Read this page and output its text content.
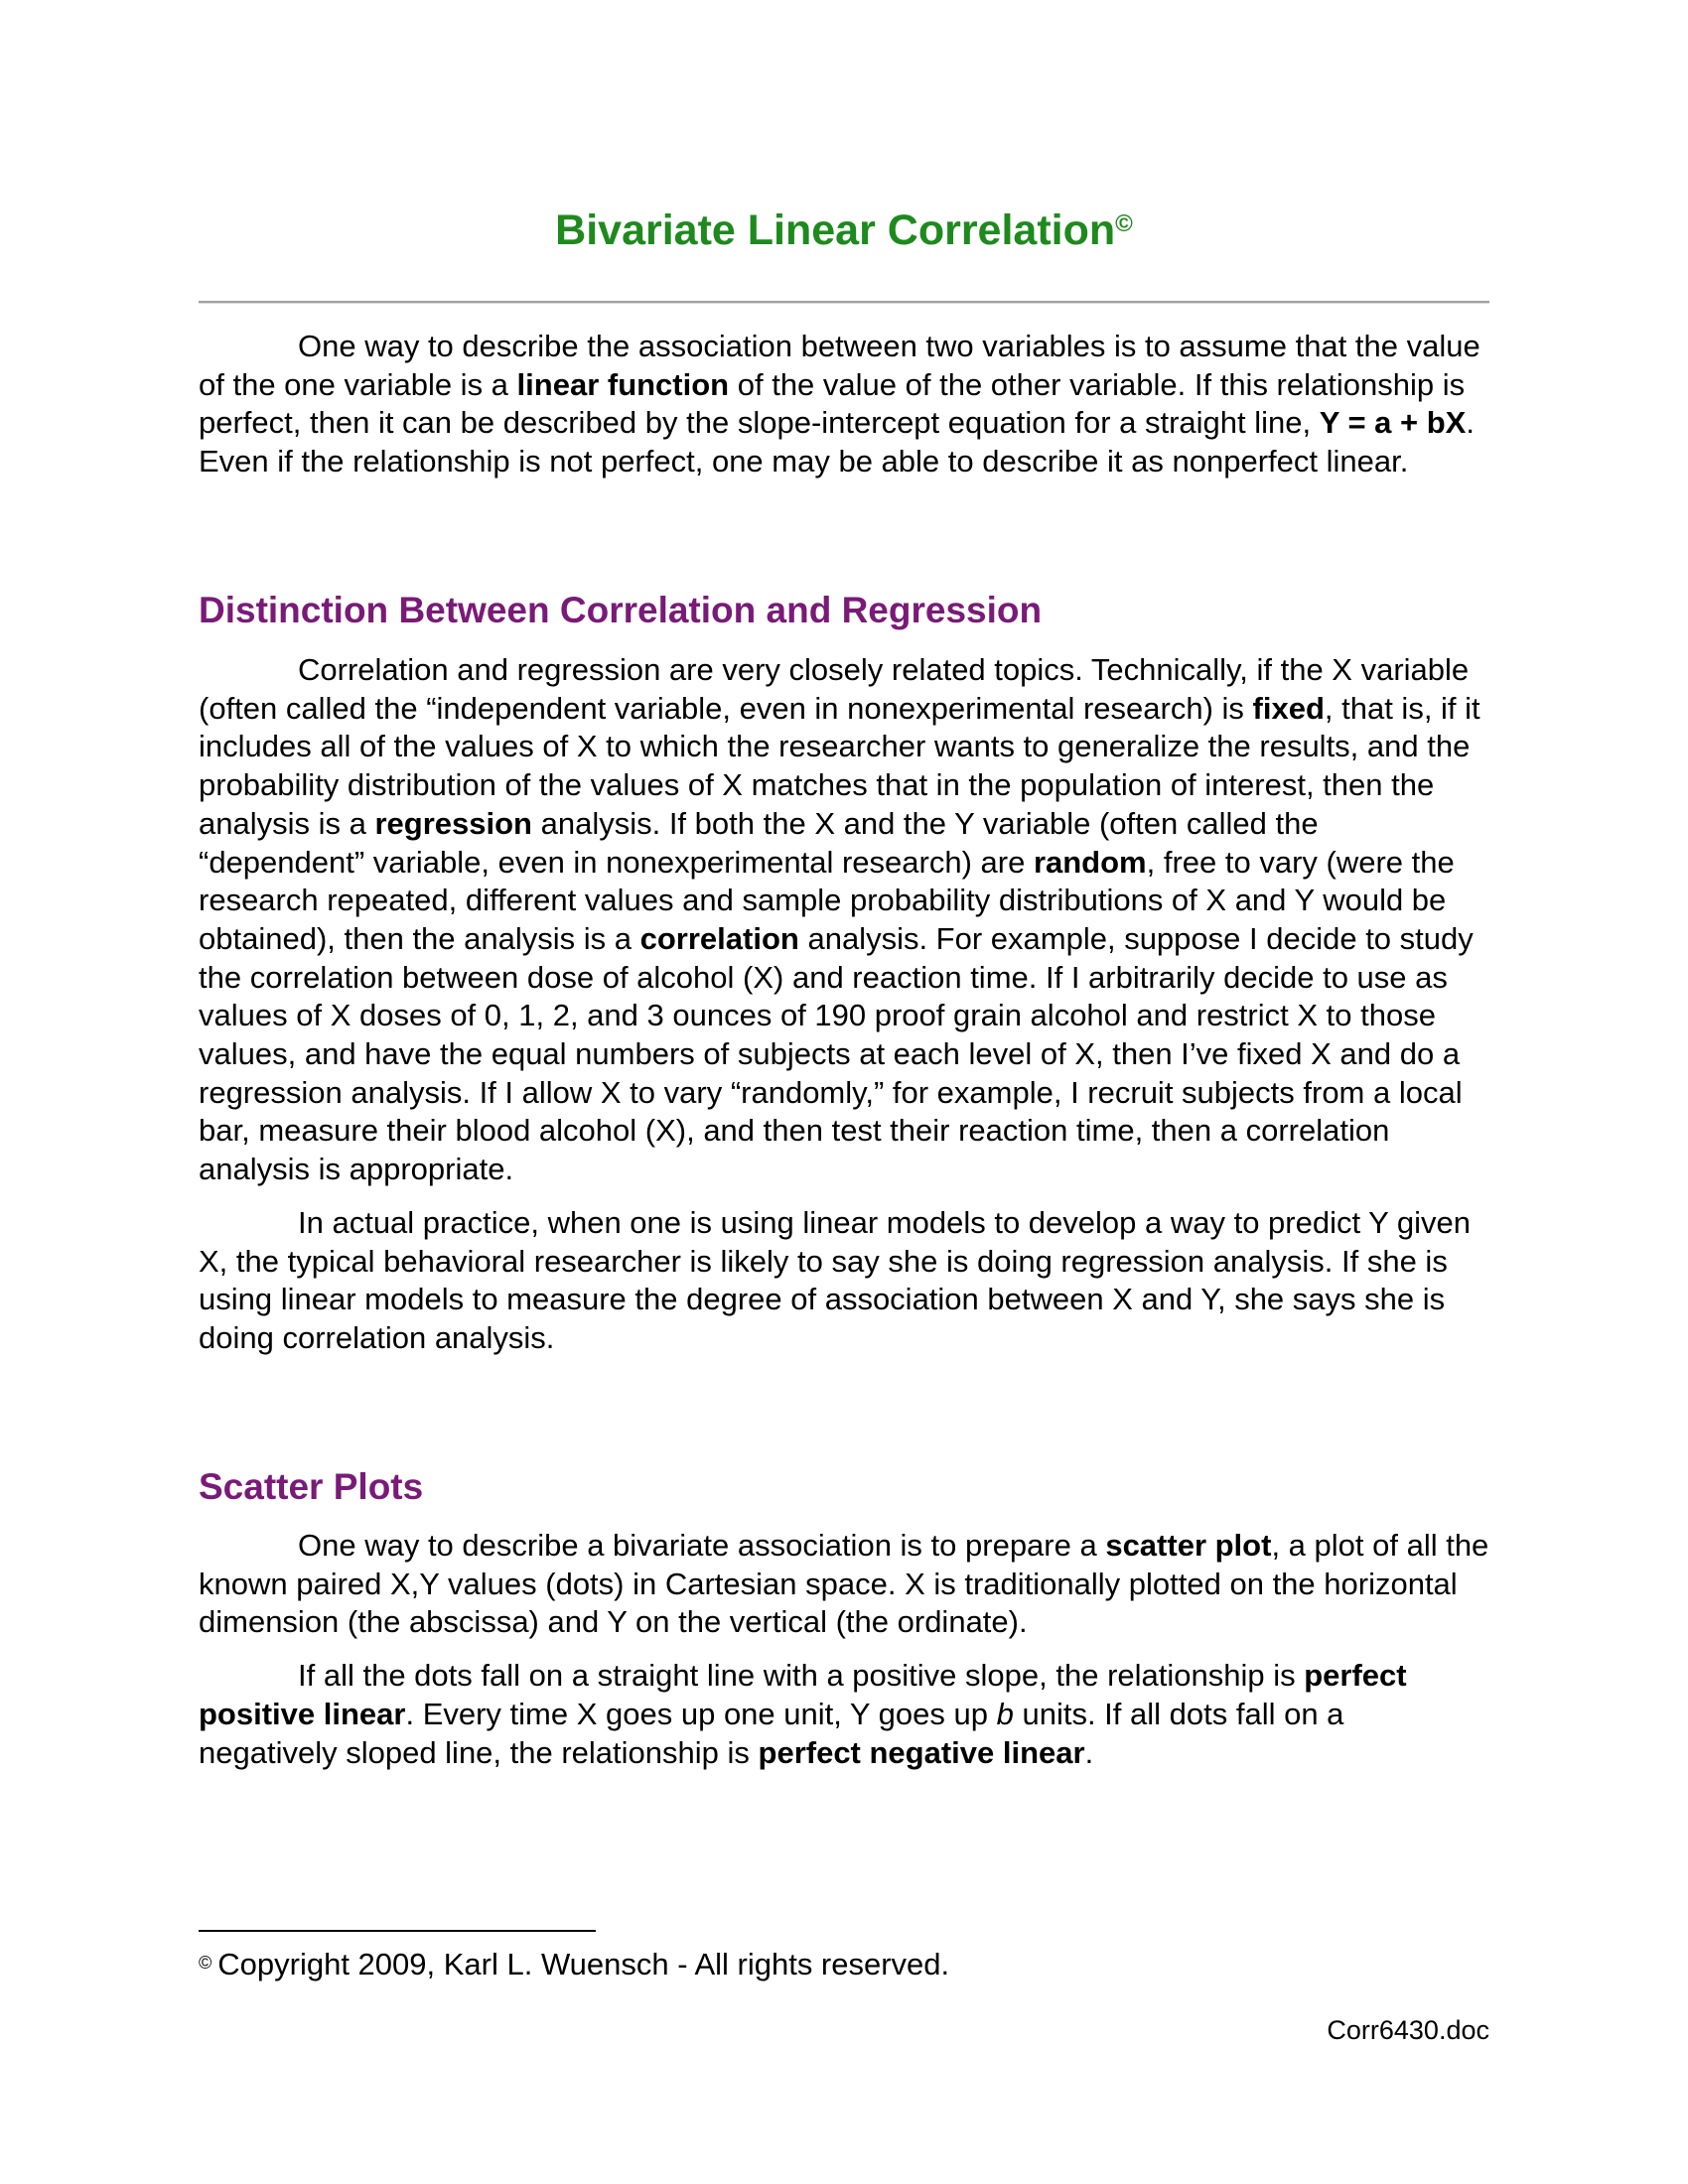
Bivariate Linear Correlation©

One way to describe the association between two variables is to assume that the value of the one variable is a linear function of the value of the other variable. If this relationship is perfect, then it can be described by the slope-intercept equation for a straight line, Y = a + bX. Even if the relationship is not perfect, one may be able to describe it as nonperfect linear.

Distinction Between Correlation and Regression

Correlation and regression are very closely related topics. Technically, if the X variable (often called the “independent variable, even in nonexperimental research) is fixed, that is, if it includes all of the values of X to which the researcher wants to generalize the results, and the probability distribution of the values of X matches that in the population of interest, then the analysis is a regression analysis. If both the X and the Y variable (often called the “dependent” variable, even in nonexperimental research) are random, free to vary (were the research repeated, different values and sample probability distributions of X and Y would be obtained), then the analysis is a correlation analysis. For example, suppose I decide to study the correlation between dose of alcohol (X) and reaction time. If I arbitrarily decide to use as values of X doses of 0, 1, 2, and 3 ounces of 190 proof grain alcohol and restrict X to those values, and have the equal numbers of subjects at each level of X, then I’ve fixed X and do a regression analysis. If I allow X to vary “randomly,” for example, I recruit subjects from a local bar, measure their blood alcohol (X), and then test their reaction time, then a correlation analysis is appropriate.

In actual practice, when one is using linear models to develop a way to predict Y given X, the typical behavioral researcher is likely to say she is doing regression analysis. If she is using linear models to measure the degree of association between X and Y, she says she is doing correlation analysis.

Scatter Plots

One way to describe a bivariate association is to prepare a scatter plot, a plot of all the known paired X,Y values (dots) in Cartesian space. X is traditionally plotted on the horizontal dimension (the abscissa) and Y on the vertical (the ordinate).

If all the dots fall on a straight line with a positive slope, the relationship is perfect positive linear. Every time X goes up one unit, Y goes up b units. If all dots fall on a negatively sloped line, the relationship is perfect negative linear.

© Copyright 2009, Karl L. Wuensch - All rights reserved.

Corr6430.doc
